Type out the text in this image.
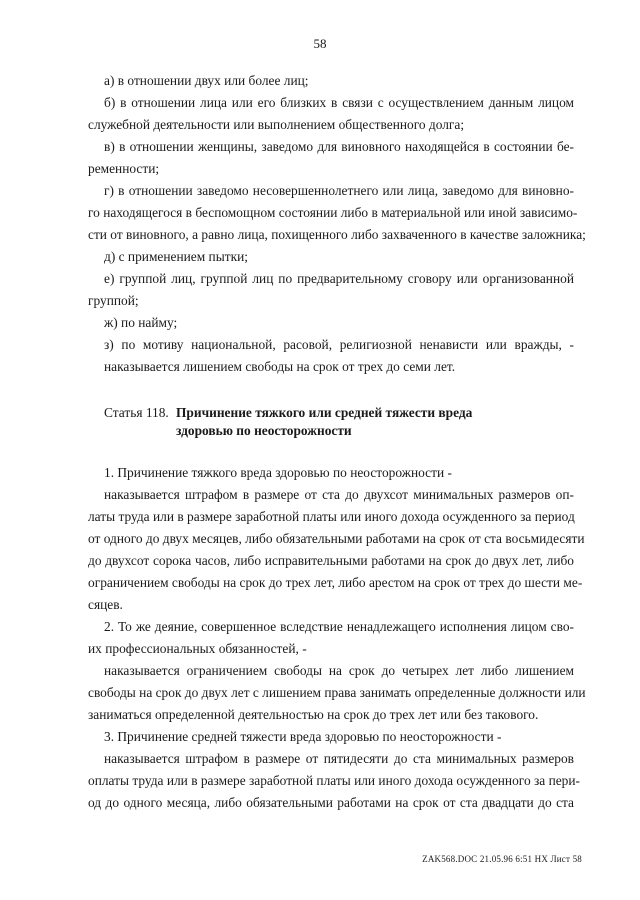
58
а) в отношении двух или более лиц;
б) в отношении лица или его близких в связи с осуществлением данным лицом
служебной деятельности или выполнением общественного долга;
в) в отношении женщины, заведомо для виновного находящейся в состоянии бе-
ременности;
г) в отношении заведомо несовершеннолетнего или лица, заведомо для виновно-
го находящегося в беспомощном состоянии либо в материальной или иной зависимо-
сти от виновного, а равно лица, похищенного либо захваченного в качестве заложника;
д) с применением пытки;
е) группой лиц, группой лиц по предварительному сговору или организованной
группой;
ж) по найму;
з) по мотиву национальной, расовой, религиозной ненависти или вражды, -
наказывается лишением свободы на срок от трех до семи лет.
Статья 118. Причинение тяжкого или средней тяжести вреда
здоровью по неосторожности
1. Причинение тяжкого вреда здоровью по неосторожности -
наказывается штрафом в размере от ста до двухсот минимальных размеров оп-
латы труда или в размере заработной платы или иного дохода осужденного за период
от одного до двух месяцев, либо обязательными работами на срок от ста восьмидесяти
до двухсот сорока часов, либо исправительными работами на срок до двух лет, либо
ограничением свободы на срок до трех лет, либо арестом на срок от трех до шести ме-
сяцев.
2. То же деяние, совершенное вследствие ненадлежащего исполнения лицом сво-
их профессиональных обязанностей, -
наказывается ограничением свободы на срок до четырех лет либо лишением
свободы на срок до двух лет с лишением права занимать определенные должности или
заниматься определенной деятельностью на срок до трех лет или без такового.
3. Причинение средней тяжести вреда здоровью по неосторожности -
наказывается штрафом в размере от пятидесяти до ста минимальных размеров
оплаты труда или в размере заработной платы или иного дохода осужденного за пери-
од до одного месяца, либо обязательными работами на срок от ста двадцати до ста
ZAK568.DOC 21.05.96 6:51 НХ Лист 58
